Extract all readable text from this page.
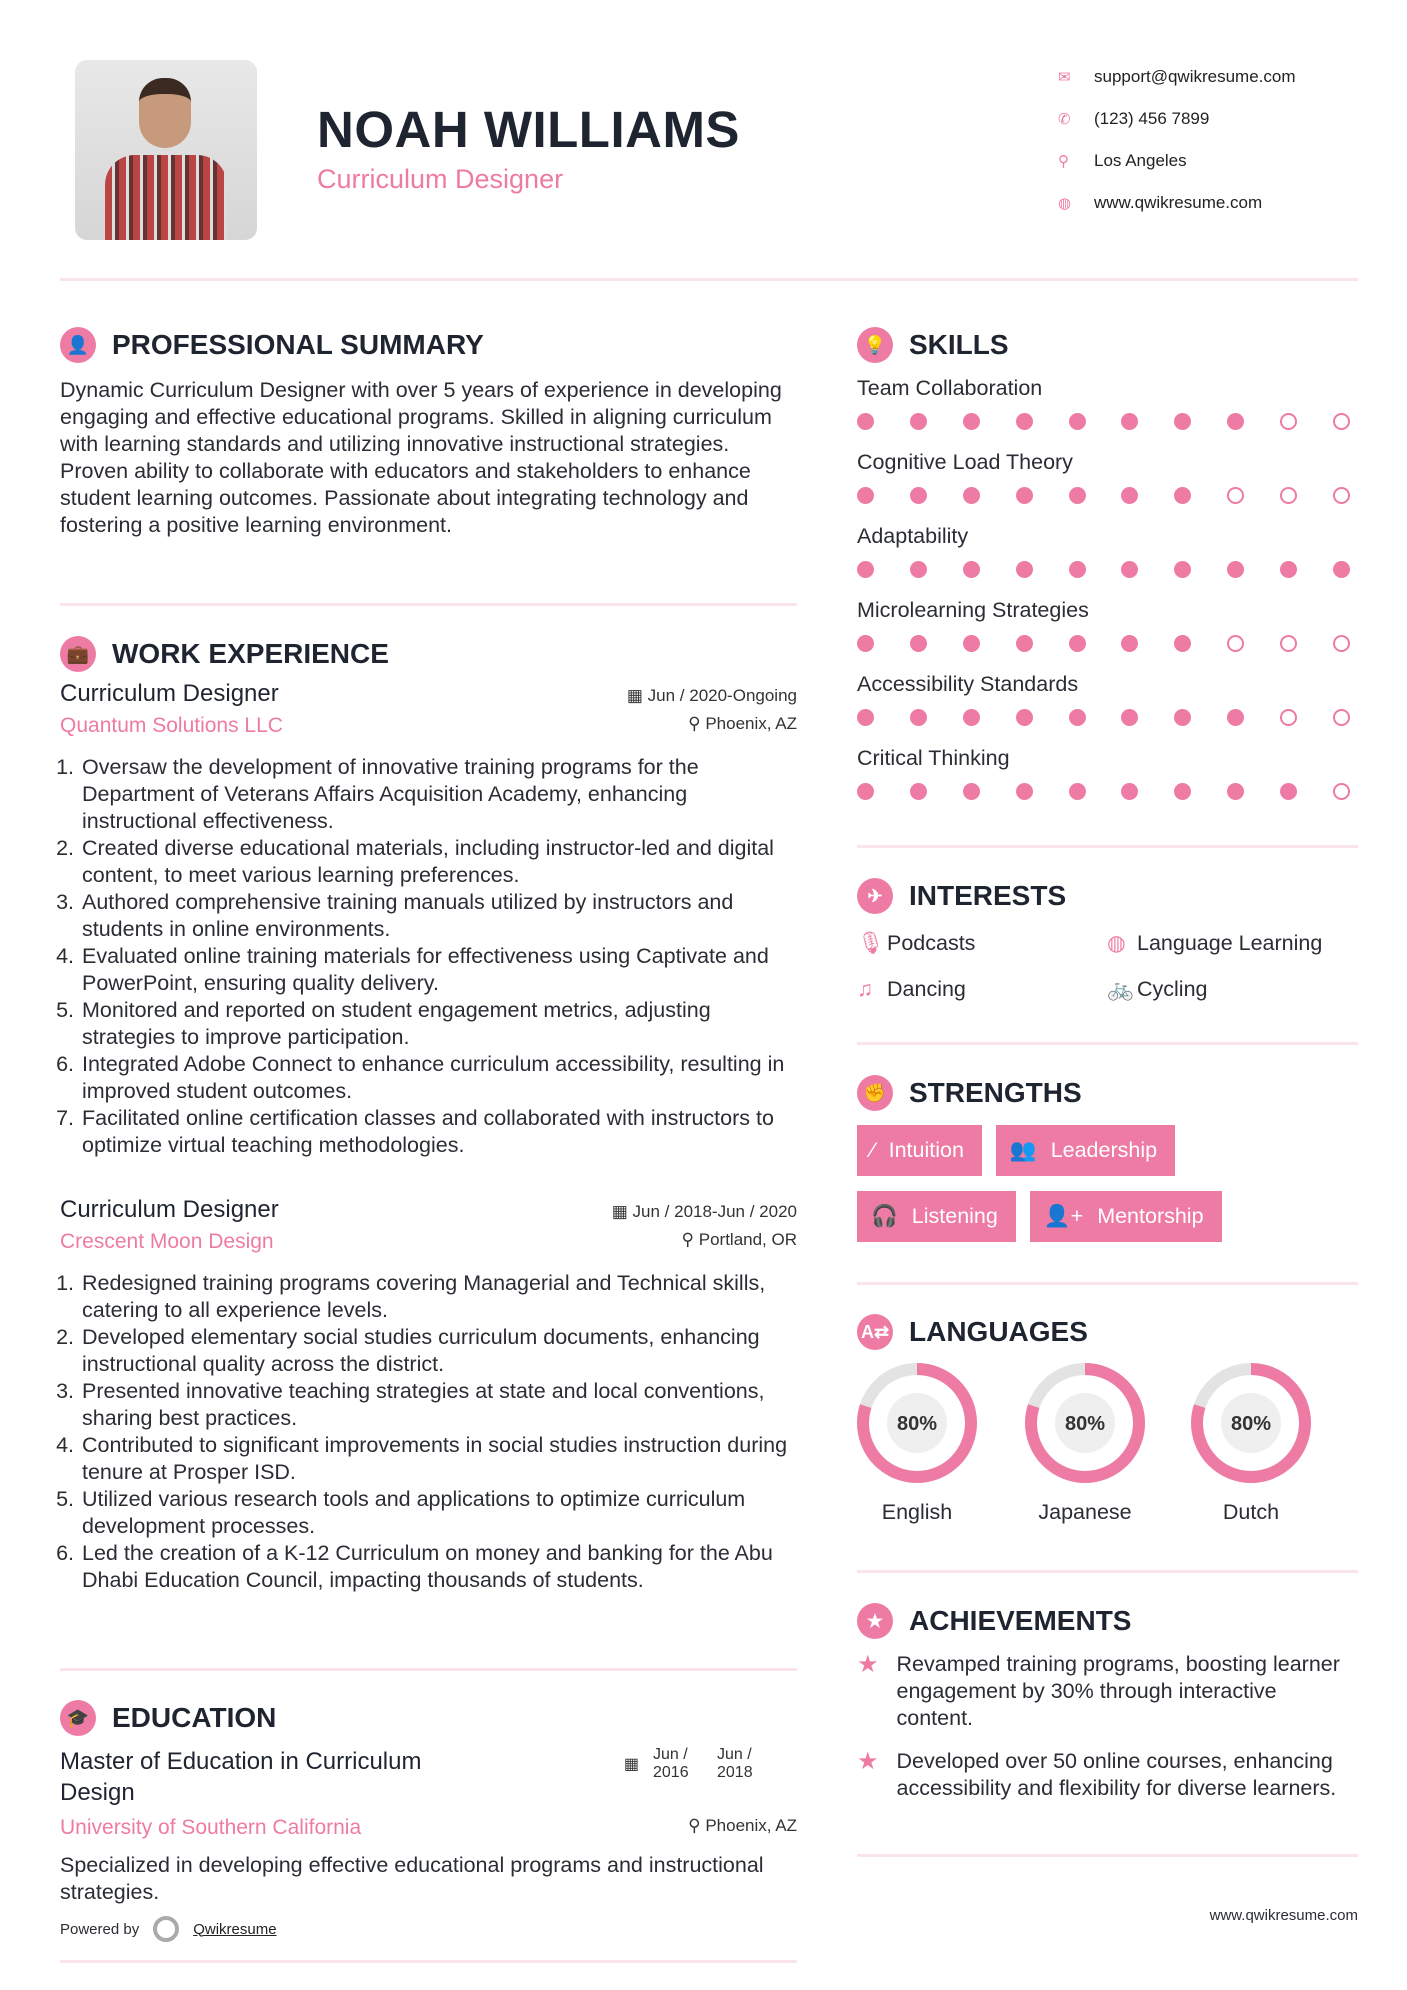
NOAH WILLIAMS
Curriculum Designer
✉	support@qwikresume.com
✆	(123) 456 7899
⚲	Los Angeles
◍	www.qwikresume.com
👤 PROFESSIONAL SUMMARY

Dynamic Curriculum Designer with over 5 years of experience in developing engaging and effective educational programs. Skilled in aligning curriculum with learning standards and utilizing innovative instructional strategies. Proven ability to collaborate with educators and stakeholders to enhance student learning outcomes. Passionate about integrating technology and fostering a positive learning environment.

💼 WORK EXPERIENCE
Curriculum Designer	▦ Jun / 2020-Ongoing
Quantum Solutions LLC	⚲ Phoenix, AZ
1. Oversaw the development of innovative training programs for the Department of Veterans Affairs Acquisition Academy, enhancing instructional effectiveness.
2. Created diverse educational materials, including instructor-led and digital content, to meet various learning preferences.
3. Authored comprehensive training manuals utilized by instructors and students in online environments.
4. Evaluated online training materials for effectiveness using Captivate and PowerPoint, ensuring quality delivery.
5. Monitored and reported on student engagement metrics, adjusting strategies to improve participation.
6. Integrated Adobe Connect to enhance curriculum accessibility, resulting in improved student outcomes.
7. Facilitated online certification classes and collaborated with instructors to optimize virtual teaching methodologies.
Curriculum Designer	▦ Jun / 2018-Jun / 2020
Crescent Moon Design	⚲ Portland, OR
1. Redesigned training programs covering Managerial and Technical skills, catering to all experience levels.
2. Developed elementary social studies curriculum documents, enhancing instructional quality across the district.
3. Presented innovative teaching strategies at state and local conventions, sharing best practices.
4. Contributed to significant improvements in social studies instruction during tenure at Prosper ISD.
5. Utilized various research tools and applications to optimize curriculum development processes.
6. Led the creation of a K-12 Curriculum on money and banking for the Abu Dhabi Education Council, impacting thousands of students.
🎓 EDUCATION
Master of Education in Curriculum Design
▦
Jun / 2016
Jun / 2018
University of Southern California	⚲ Phoenix, AZ

Specialized in developing effective educational programs and instructional strategies.

Powered by	Qwikresume
💡 SKILLS
Team Collaboration
Cognitive Load Theory
Adaptability
Microlearning Strategies
Accessibility Standards
Critical Thinking
✈ INTERESTS
🎙 Podcasts	◍ Language Learning
♫ Dancing	🚲 Cycling
✊ STRENGTHS
⁄ Intuition 👥 Leadership
🎧 Listening 👤+ Mentorship
A⇄ LANGUAGES
80%
English
80%
Japanese
80%
Dutch
★ ACHIEVEMENTS
★ Revamped training programs, boosting learner engagement by 30% through interactive content.
★ Developed over 50 online courses, enhancing accessibility and flexibility for diverse learners.
www.qwikresume.com
